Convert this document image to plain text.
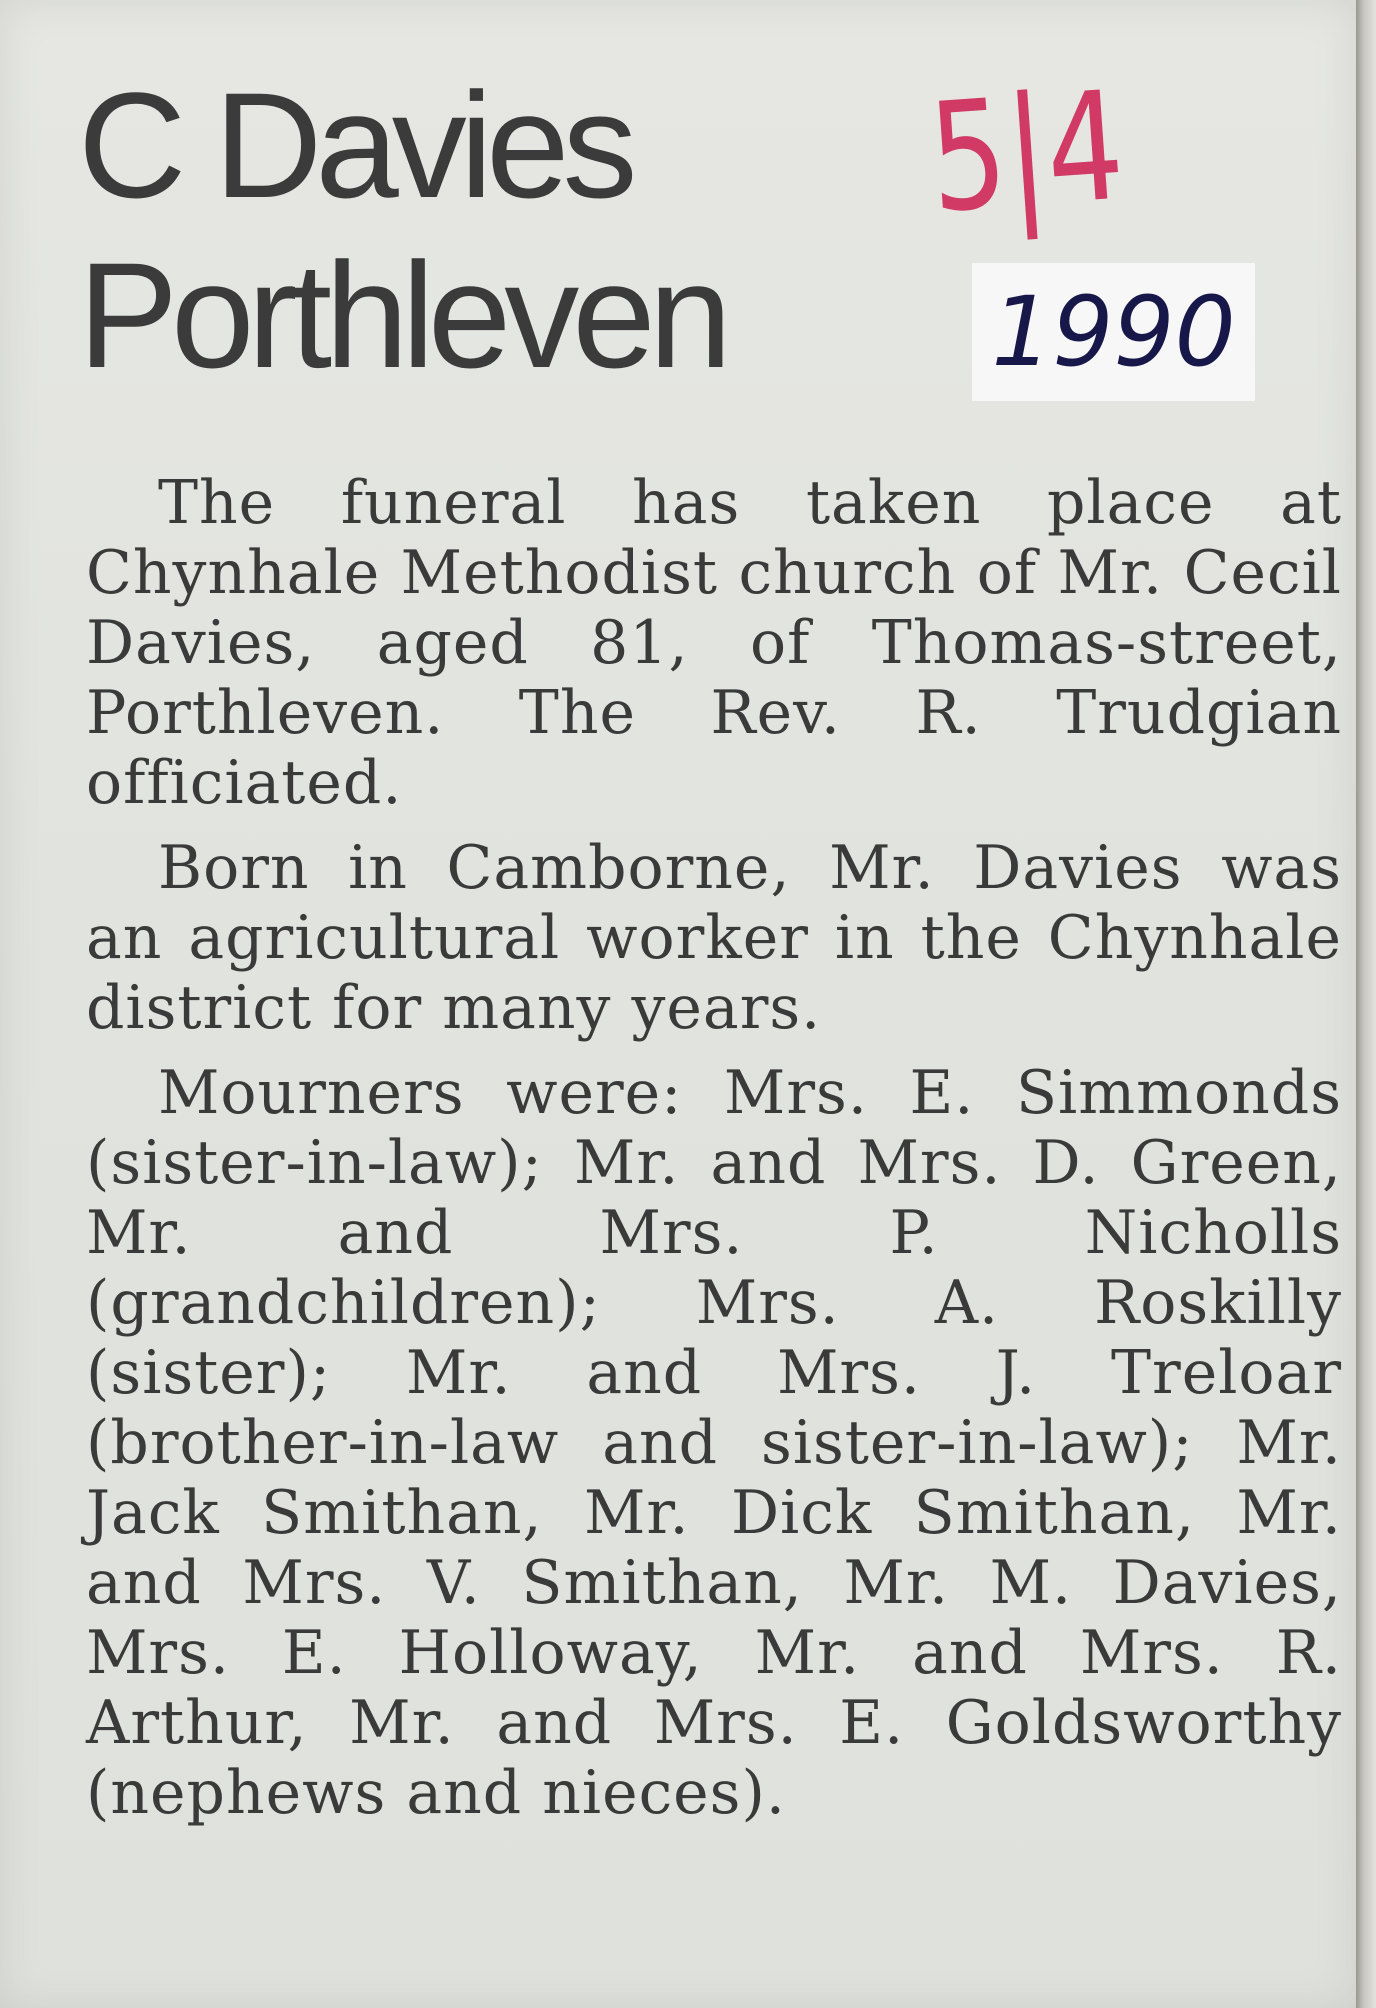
C Davies
Porthleven
5|4
1990

The funeral has taken place at Chynhale Methodist church of Mr. Cecil Davies, aged 81, of Thomas-street, Porthleven. The Rev. R. Trudgian officiated.

Born in Camborne, Mr. Davies was an agricultural worker in the Chynhale district for many years.

Mourners were: Mrs. E. Simmonds (sister-in-law); Mr. and Mrs. D. Green, Mr. and Mrs. P. Nicholls (grandchildren); Mrs. A. Roskilly (sister); Mr. and Mrs. J. Treloar (brother-in-law and sister-in-law); Mr. Jack Smithan, Mr. Dick Smithan, Mr. and Mrs. V. Smithan, Mr. M. Davies, Mrs. E. Holloway, Mr. and Mrs. R. Arthur, Mr. and Mrs. E. Goldsworthy (nephews and nieces).
